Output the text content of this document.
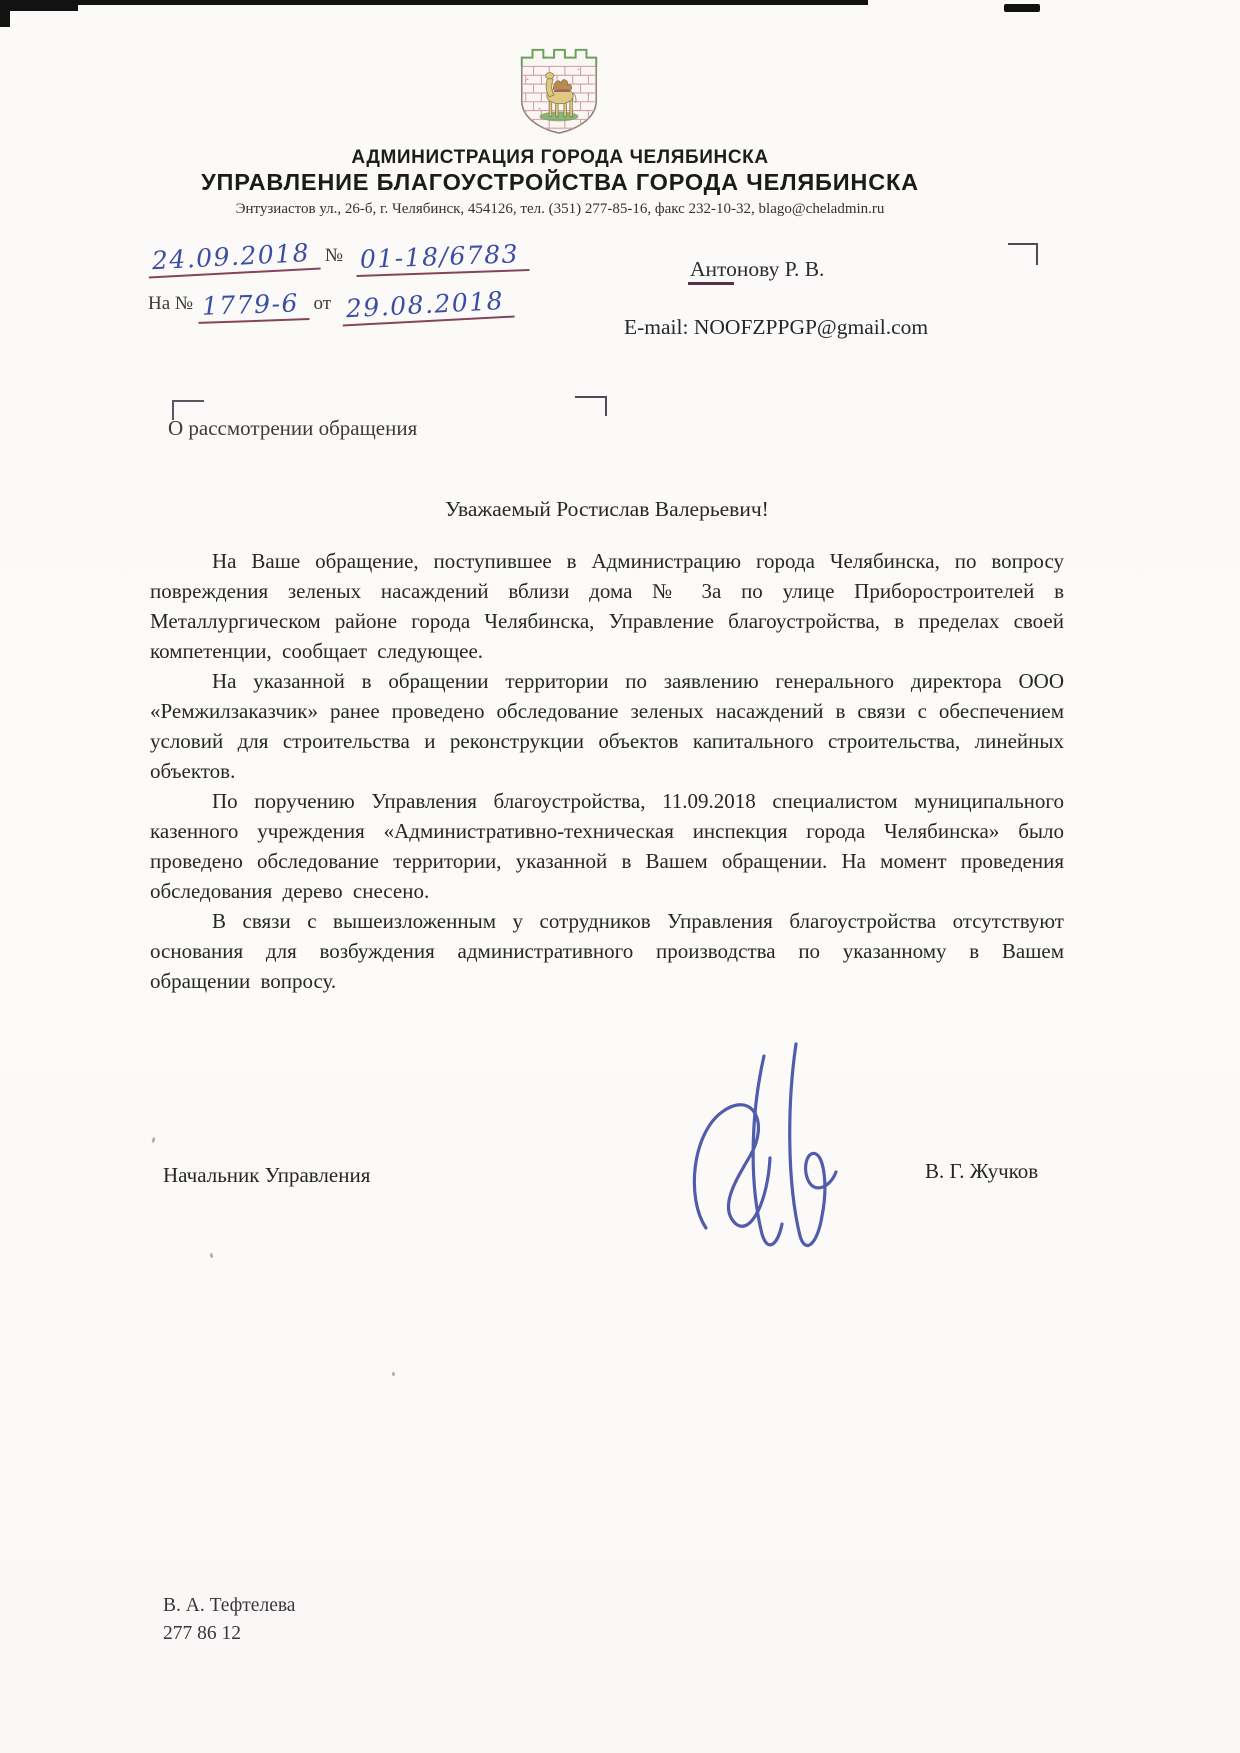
АДМИНИСТРАЦИЯ ГОРОДА ЧЕЛЯБИНСКА
УПРАВЛЕНИЕ БЛАГОУСТРОЙСТВА ГОРОДА ЧЕЛЯБИНСКА
Энтузиастов ул., 26-б, г. Челябинск, 454126, тел. (351) 277-85-16, факс 232-10-32, blago@cheladmin.ru
24.09.2018 № 01-18/6783
На № 1779-6 от 29.08.2018
Антонову Р. В.
E-mail: NOOFZPPGP@gmail.com
О рассмотрении обращения
Уважаемый Ростислав Валерьевич!

На Ваше обращение, поступившее в Администрацию города Челябинска, по вопросу повреждения зеленых насаждений вблизи дома № 3а по улице Приборостроителей в Металлургическом районе города Челябинска, Управление благоустройства, в пределах своей компетенции, сообщает следующее.

На указанной в обращении территории по заявлению генерального директора ООО «Ремжилзаказчик» ранее проведено обследование зеленых насаждений в связи с обеспечением условий для строительства и реконструкции объектов капитального строительства, линейных объектов.

По поручению Управления благоустройства, 11.09.2018 специалистом муниципального казенного учреждения «Административно-техническая инспекция города Челябинска» было проведено обследование территории, указанной в Вашем обращении. На момент проведения обследования дерево снесено.

В связи с вышеизложенным у сотрудников Управления благоустройства отсутствуют основания для возбуждения административного производства по указанному в Вашем обращении вопросу.

Начальник Управления	В. Г. Жучков
В. А. Тефтелева
277 86 12
